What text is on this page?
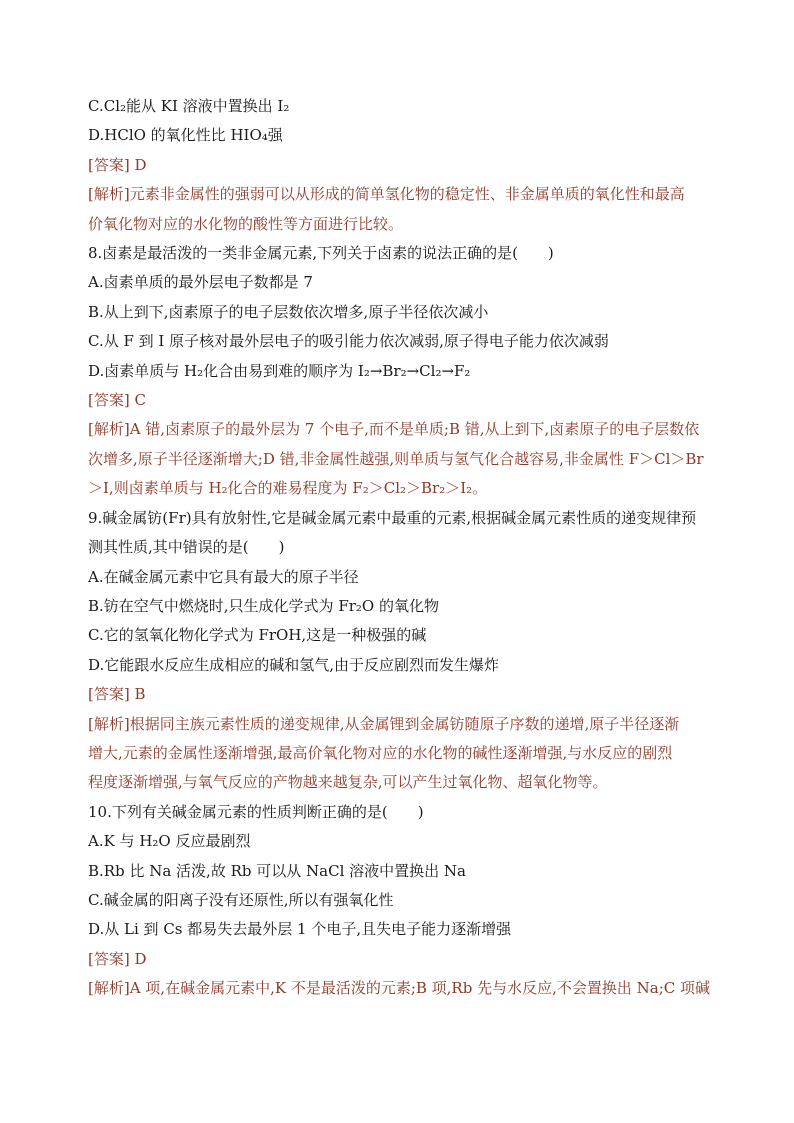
C.Cl₂能从 KI 溶液中置换出 I₂
D.HClO 的氧化性比 HIO₄强
[答案] D
[解析]元素非金属性的强弱可以从形成的简单氢化物的稳定性、非金属单质的氧化性和最高
价氧化物对应的水化物的酸性等方面进行比较。
8.卤素是最活泼的一类非金属元素,下列关于卤素的说法正确的是(　　)
A.卤素单质的最外层电子数都是 7
B.从上到下,卤素原子的电子层数依次增多,原子半径依次减小
C.从 F 到 I 原子核对最外层电子的吸引能力依次减弱,原子得电子能力依次减弱
D.卤素单质与 H₂化合由易到难的顺序为 I₂→Br₂→Cl₂→F₂
[答案] C
[解析]A 错,卤素原子的最外层为 7 个电子,而不是单质;B 错,从上到下,卤素原子的电子层数依
次增多,原子半径逐渐增大;D 错,非金属性越强,则单质与氢气化合越容易,非金属性 F＞Cl＞Br
＞I,则卤素单质与 H₂化合的难易程度为 F₂＞Cl₂＞Br₂＞I₂。
9.碱金属钫(Fr)具有放射性,它是碱金属元素中最重的元素,根据碱金属元素性质的递变规律预
测其性质,其中错误的是(　　)
A.在碱金属元素中它具有最大的原子半径
B.钫在空气中燃烧时,只生成化学式为 Fr₂O 的氧化物
C.它的氢氧化物化学式为 FrOH,这是一种极强的碱
D.它能跟水反应生成相应的碱和氢气,由于反应剧烈而发生爆炸
[答案] B
[解析]根据同主族元素性质的递变规律,从金属锂到金属钫随原子序数的递增,原子半径逐渐
增大,元素的金属性逐渐增强,最高价氧化物对应的水化物的碱性逐渐增强,与水反应的剧烈
程度逐渐增强,与氧气反应的产物越来越复杂,可以产生过氧化物、超氧化物等。
10.下列有关碱金属元素的性质判断正确的是(　　)
A.K 与 H₂O 反应最剧烈
B.Rb 比 Na 活泼,故 Rb 可以从 NaCl 溶液中置换出 Na
C.碱金属的阳离子没有还原性,所以有强氧化性
D.从 Li 到 Cs 都易失去最外层 1 个电子,且失电子能力逐渐增强
[答案] D
[解析]A 项,在碱金属元素中,K 不是最活泼的元素;B 项,Rb 先与水反应,不会置换出 Na;C 项碱
